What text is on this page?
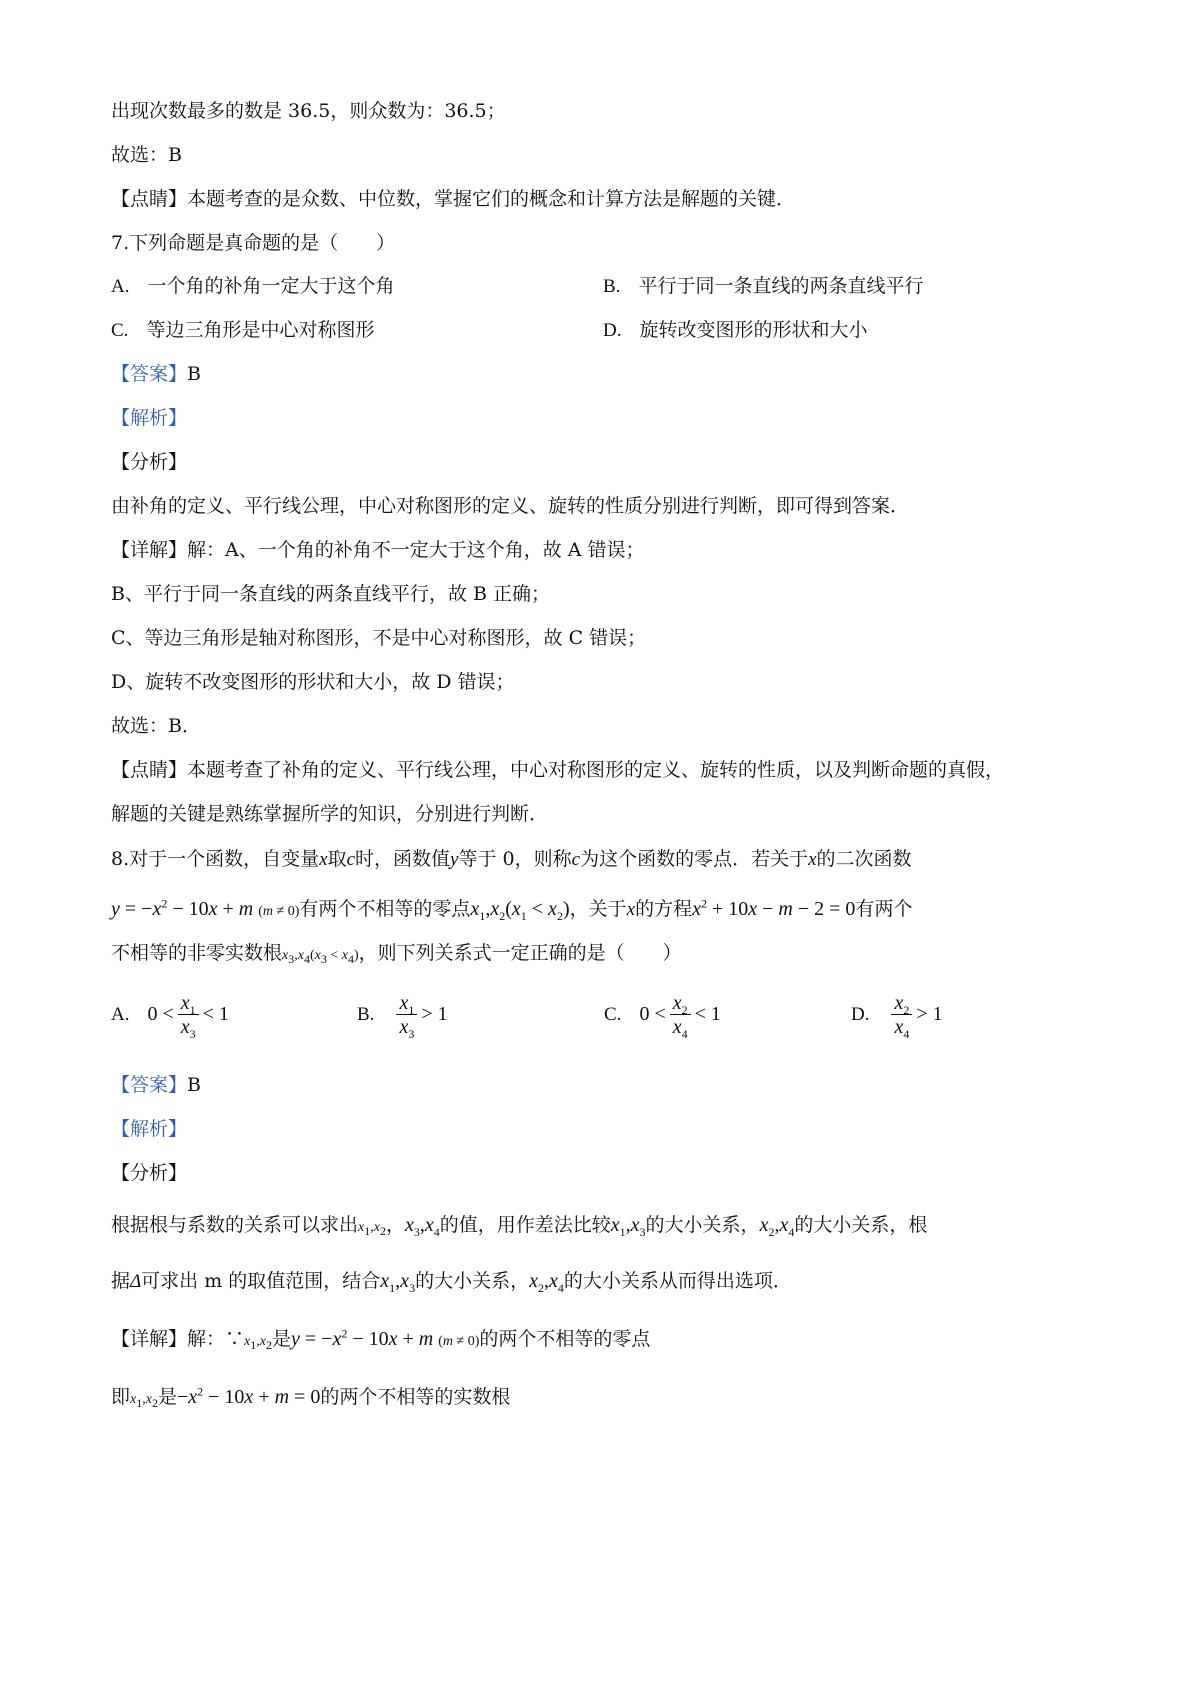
出现次数最多的数是 36.5，则众数为：36.5；
故选：B
【点睛】本题考查的是众数、中位数，掌握它们的概念和计算方法是解题的关键．
7.下列命题是真命题的是（　　）
A. 一个角的补角一定大于这个角	B. 平行于同一条直线的两条直线平行
C. 等边三角形是中心对称图形	D. 旋转改变图形的形状和大小
【答案】B
【解析】
【分析】
由补角的定义、平行线公理，中心对称图形的定义、旋转的性质分别进行判断，即可得到答案．
【详解】解：A、一个角的补角不一定大于这个角，故 A 错误；
B、平行于同一条直线的两条直线平行，故 B 正确；
C、等边三角形是轴对称图形，不是中心对称图形，故 C 错误；
D、旋转不改变图形的形状和大小，故 D 错误；
故选：B．
【点睛】本题考查了补角的定义、平行线公理，中心对称图形的定义、旋转的性质，以及判断命题的真假，
解题的关键是熟练掌握所学的知识，分别进行判断．
8.对于一个函数，自变量x取c时，函数值y等于 0，则称c为这个函数的零点．若关于x的二次函数
$y = -x^2 - 10x + m$ (m ≠ 0)有两个不相等的零点$x_1,x_2(x_1 < x_2)$，关于x的方程$x^2 + 10x - m - 2 = 0$有两个
不相等的非零实数根$x_3,x_4(x_3 < x_4)$，则下列关系式一定正确的是（　　）
A. $0 < \frac{x_1}{x_3} < 1$	B. $\frac{x_1}{x_3} > 1$	C. $0 < \frac{x_2}{x_4} < 1$	D. $\frac{x_2}{x_4} > 1$
【答案】B
【解析】
【分析】
根据根与系数的关系可以求出$x_1,x_2$，$x_3,x_4$的值，用作差法比较$x_1,x_3$的大小关系，$x_2,x_4$的大小关系，根
据Δ可求出 m 的取值范围，结合$x_1,x_3$的大小关系，$x_2,x_4$的大小关系从而得出选项．
【详解】解：$\because x_1,x_2$是$y = -x^2 - 10x + m$ (m ≠ 0)的两个不相等的零点
即$x_1,x_2$是$-x^2 - 10x + m = 0$的两个不相等的实数根
